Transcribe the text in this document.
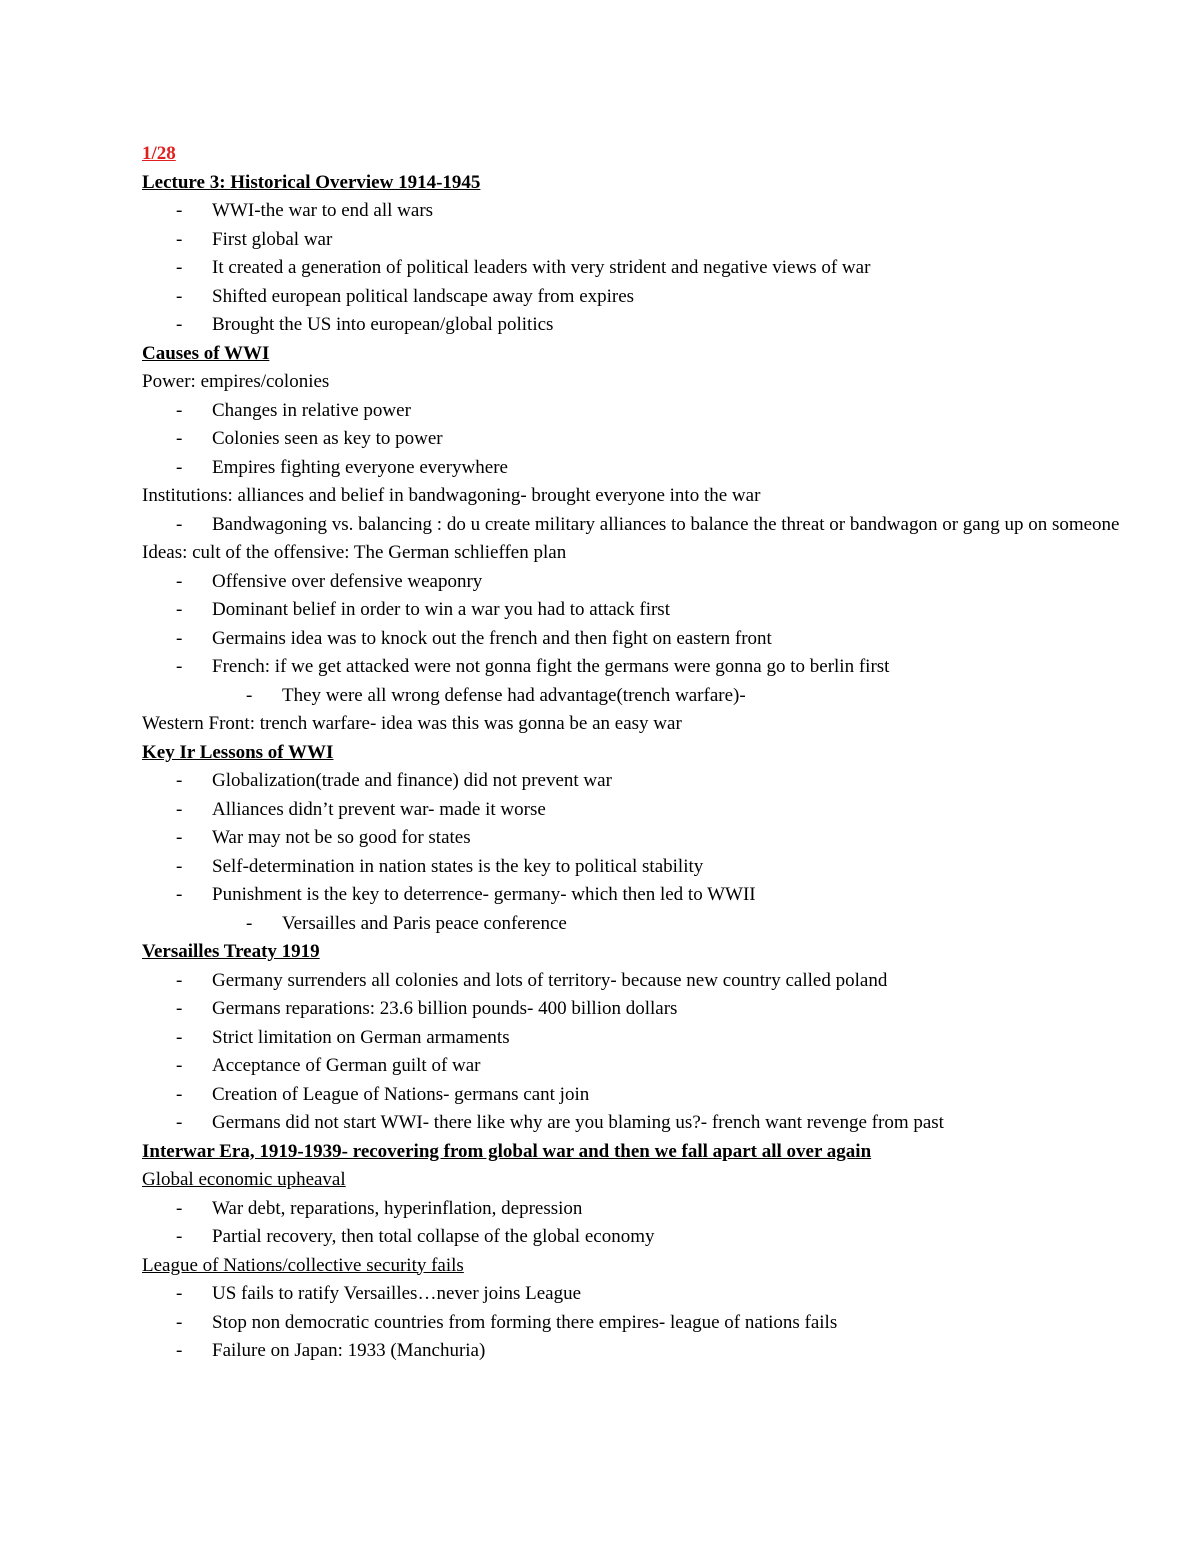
1/28
Lecture 3: Historical Overview 1914-1945
- WWI-the war to end all wars
- First global war
- It created a generation of political leaders with very strident and negative views of war
- Shifted european political landscape away from expires
- Brought the US into european/global politics
Causes of WWI
Power: empires/colonies
- Changes in relative power
- Colonies seen as key to power
- Empires fighting everyone everywhere
Institutions: alliances and belief in bandwagoning- brought everyone into the war
- Bandwagoning vs. balancing : do u create military alliances to balance the threat or bandwagon or gang up on someone
Ideas: cult of the offensive: The German schlieffen plan
- Offensive over defensive weaponry
- Dominant belief in order to win a war you had to attack first
- Germains idea was to knock out the french and then fight on eastern front
- French: if we get attacked were not gonna fight the germans were gonna go to berlin first
- They were all wrong defense had advantage(trench warfare)-
Western Front: trench warfare- idea was this was gonna be an easy war
Key Ir Lessons of WWI
- Globalization(trade and finance) did not prevent war
- Alliances didn’t prevent war- made it worse
- War may not be so good for states
- Self-determination in nation states is the key to political stability
- Punishment is the key to deterrence- germany- which then led to WWII
- Versailles and Paris peace conference
Versailles Treaty 1919
- Germany surrenders all colonies and lots of territory- because new country called poland
- Germans reparations: 23.6 billion pounds- 400 billion dollars
- Strict limitation on German armaments
- Acceptance of German guilt of war
- Creation of League of Nations- germans cant join
- Germans did not start WWI- there like why are you blaming us?- french want revenge from past
Interwar Era, 1919-1939- recovering from global war and then we fall apart all over again
Global economic upheaval
- War debt, reparations, hyperinflation, depression
- Partial recovery, then total collapse of the global economy
League of Nations/collective security fails
- US fails to ratify Versailles…never joins League
- Stop non democratic countries from forming there empires- league of nations fails
- Failure on Japan: 1933 (Manchuria)
